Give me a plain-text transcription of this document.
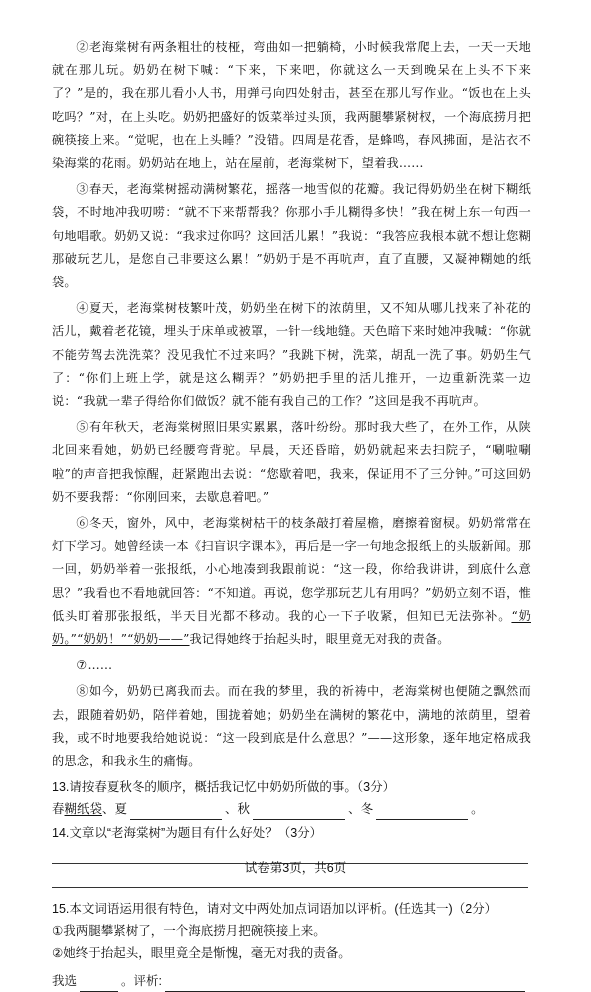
②老海棠树有两条粗壮的枝桠，弯曲如一把躺椅，小时候我常爬上去，一天一天地就在那儿玩。奶奶在树下喊：“下来，下来吧，你就这么一天到晚呆在上头不下来了？”是的，我在那儿看小人书，用弹弓向四处射击，甚至在那儿写作业。“饭也在上头吃吗？”对，在上头吃。奶奶把盛好的饭菜举过头顶，我两腿攀紧树杈，一个海底捞月把碗筷接上来。“觉呢，也在上头睡？”没错。四周是花香，是蜂鸣，春风拂面，是沾衣不染海棠的花雨。奶奶站在地上，站在屋前，老海棠树下，望着我……

③春天，老海棠树摇动满树繁花，摇落一地雪似的花瓣。我记得奶奶坐在树下糊纸袋，不时地冲我叨唠：“就不下来帮帮我？你那小手儿糊得多快！”我在树上东一句西一句地唱歌。奶奶又说：“我求过你吗？这回活儿累！”我说：“我答应我根本就不想让您糊那破玩艺儿，是您自己非要这么累！”奶奶于是不再吭声，直了直腰，又凝神糊她的纸袋。

④夏天，老海棠树枝繁叶茂，奶奶坐在树下的浓荫里，又不知从哪儿找来了补花的活儿，戴着老花镜，埋头于床单或被罩，一针一线地缝。天色暗下来时她冲我喊：“你就不能劳驾去洗洗菜？没见我忙不过来吗？”我跳下树，洗菜，胡乱一洗了事。奶奶生气了：“你们上班上学，就是这么糊弄？”奶奶把手里的活儿推开，一边重新洗菜一边说：“我就一辈子得给你们做饭？就不能有我自己的工作？”这回是我不再吭声。

⑤有年秋天，老海棠树照旧果实累累，落叶纷纷。那时我大些了，在外工作，从陕北回来看她，奶奶已经腰弯背驼。早晨，天还昏暗，奶奶就起来去扫院子，“唰啦唰啦”的声音把我惊醒，赶紧跑出去说：“您歇着吧，我来，保证用不了三分钟。”可这回奶奶不要我帮：“你刚回来，去歇息着吧。”

⑥冬天，窗外，风中，老海棠树枯干的枝条敲打着屋檐，磨擦着窗棂。奶奶常常在灯下学习。她曾经读一本《扫盲识字课本》，再后是一字一句地念报纸上的头版新闻。那一回，奶奶举着一张报纸，小心地凑到我跟前说：“这一段，你给我讲讲，到底什么意思？”我看也不看地就回答：“不知道。再说，您学那玩艺儿有用吗？”奶奶立刻不语，惟低头盯着那张报纸，半天目光都不移动。我的心一下子收紧，但知已无法弥补。“奶奶。”“奶奶！”“奶奶——”我记得她终于抬起头时，眼里竟无对我的责备。

⑦……

⑧如今，奶奶已离我而去。而在我的梦里，我的祈祷中，老海棠树也便随之飘然而去，跟随着奶奶，陪伴着她，围拢着她；奶奶坐在满树的繁花中，满地的浓荫里，望着我，或不时地要我给她说说：“这一段到底是什么意思？”——这形象，逐年地定格成我的思念，和我永生的痛悔。

13.请按春夏秋冬的顺序，概括我记忆中奶奶所做的事。（3分）

春 糊纸袋 、夏	、秋	、冬	。

14.文章以“老海棠树”为题目有什么好处？（3分）

15.本文词语运用很有特色，请对文中两处加点词语加以评析。(任选其一)（2分）

①我两腿攀紧树了，一个海底捞月把碗筷接上来。

②她终于抬起头，眼里竟全是惭愧，毫无对我的责备。

我选	。评析:
试卷第3页，共6页
